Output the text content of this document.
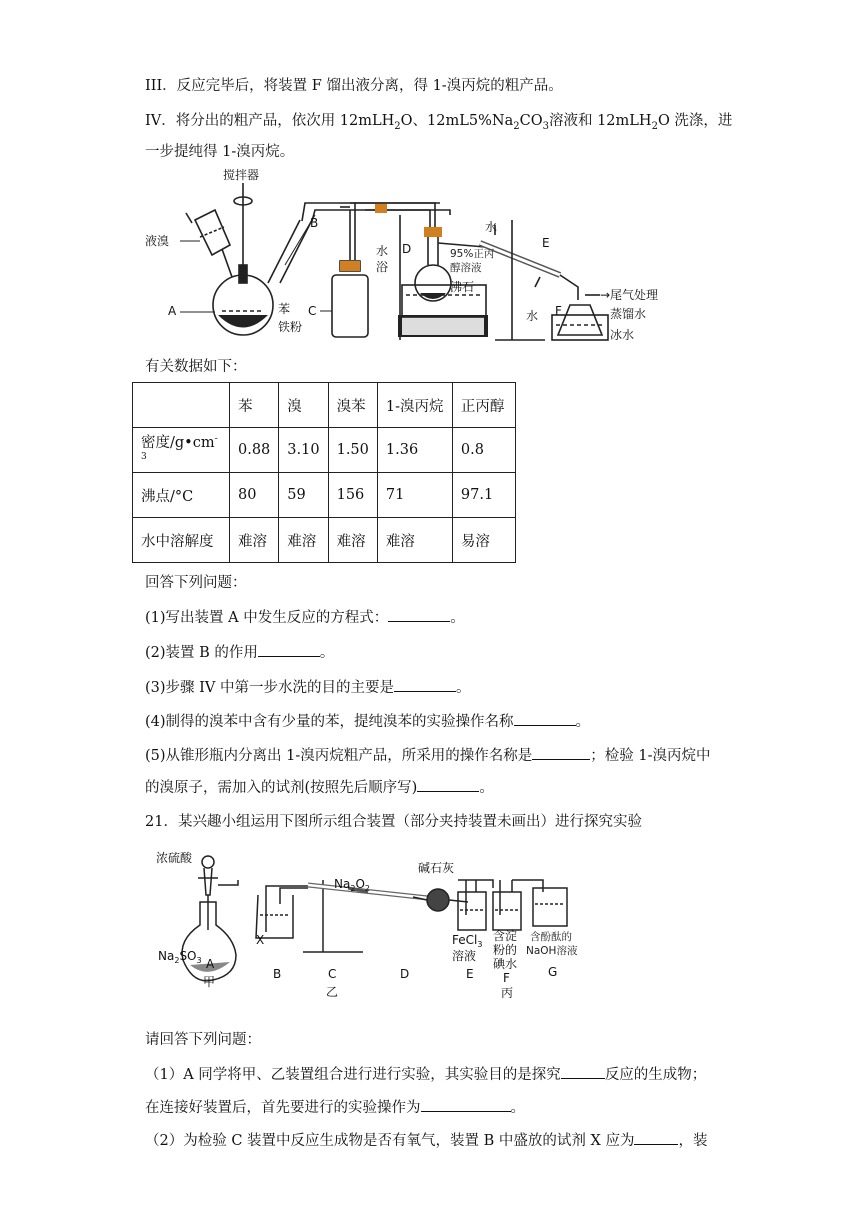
III．反应完毕后，将装置 F 馏出液分离，得 1-溴丙烷的粗产品。
IV．将分出的粗产品，依次用 12mLH$_2$O、$12mL5\%Na_2CO_3$溶液和 12mLH$_2$O 洗涤，进
一步提纯得 1-溴丙烷。
搅拌器
液溴
A
B
苯
铁粉
C
水
浴
D	95%正丙
醇溶液
沸石
水
水
E
F
→尾气处理
蒸馏水
冰水
有关数据如下：
	苯	溴	溴苯	1-溴丙烷	正丙醇
密度$/g•cm^{-3}$	0.88	3.10	1.50	1.36	0.8
沸点/°C	80	59	156	71	97.1
水中溶解度	难溶	难溶	难溶	难溶	易溶
回答下列问题：
(1)写出装置 A 中发生反应的方程式：	。
(2)装置 B 的作用	。
(3)步骤 IV 中第一步水洗的目的主要是	。
(4)制得的溴苯中含有少量的苯，提纯溴苯的实验操作名称	。
(5)从锥形瓶内分离出 1-溴丙烷粗产品，所采用的操作名称是	；检验 1-溴丙烷中
的溴原子，需加入的试剂(按照先后顺序写)	。
21．某兴趣小组运用下图所示组合装置（部分夹持装置未画出）进行探究实验
浓硫酸
$Na_2SO_3$ A
甲
X
B
$Na_2O_2$
C
乙
碱石灰
D
FeCl$_3$
溶液
E
含淀
粉的
碘水
F
丙
含酚酞的
NaOH溶液
G
请回答下列问题：
（1）A 同学将甲、乙装置组合进行进行实验，其实验目的是探究	反应的生成物；
在连接好装置后，首先要进行的实验操作为	。
（2）为检验 C 装置中反应生成物是否有氧气，装置 B 中盛放的试剂 X 应为	，装
